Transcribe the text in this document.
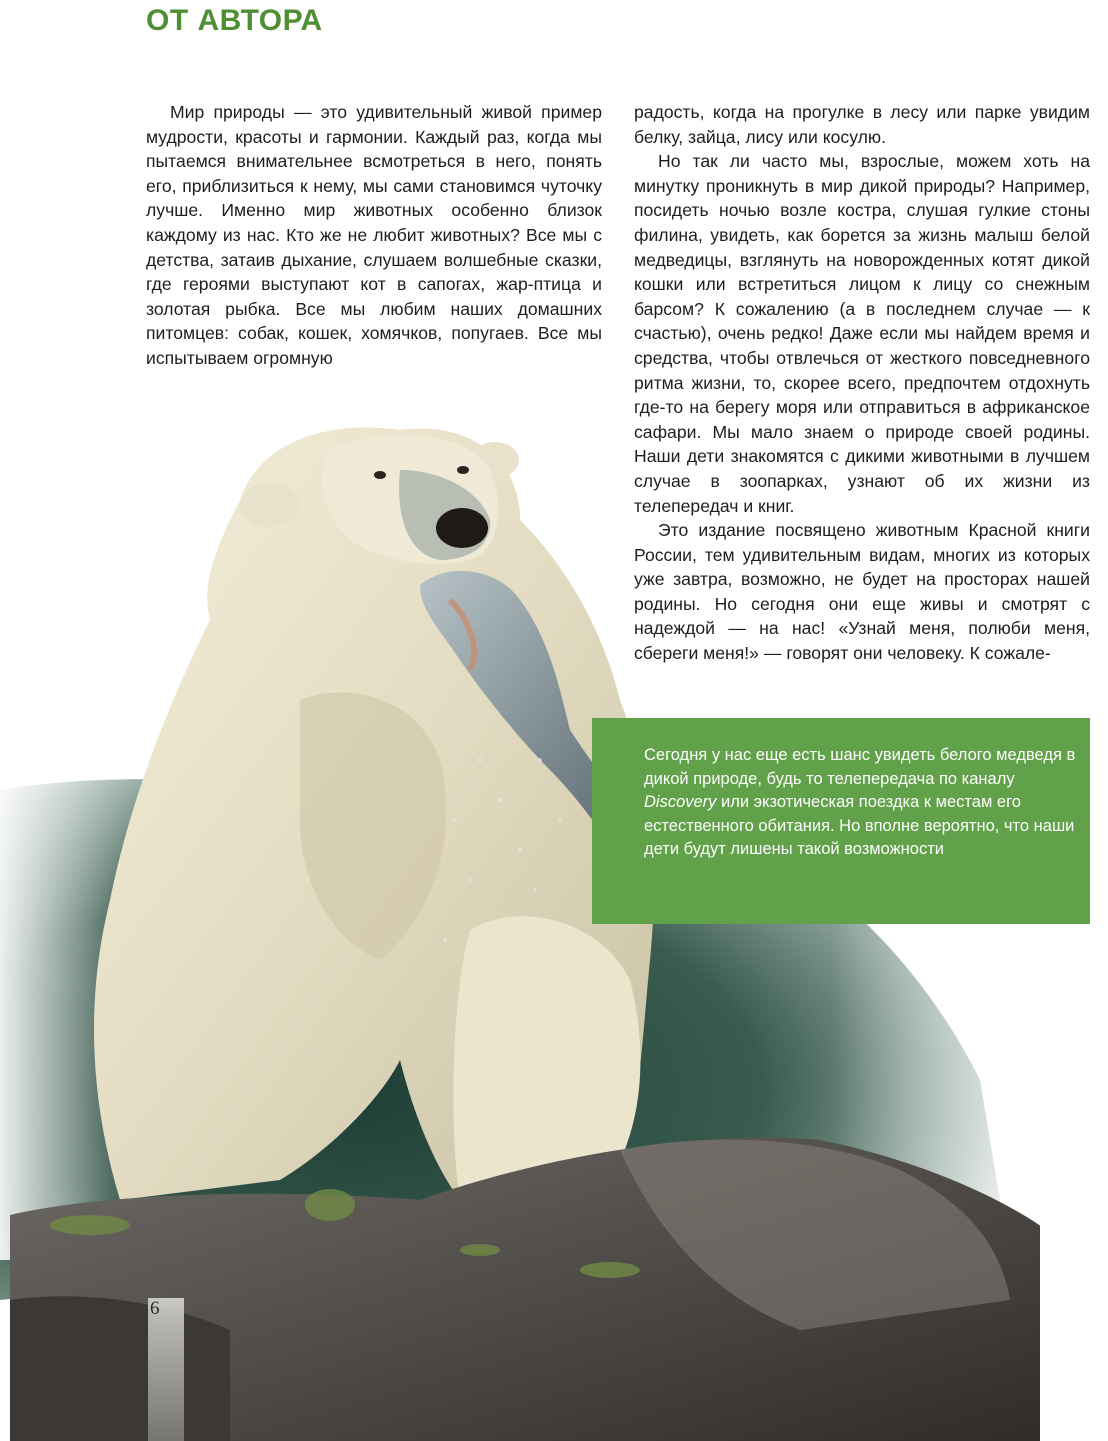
ОТ АВТОРА

Мир природы — это удивительный живой пример мудрости, красоты и гармонии. Каждый раз, когда мы пытаемся внимательнее всмотреться в него, понять его, приблизиться к нему, мы сами становимся чуточку лучше. Именно мир животных особенно близок каждому из нас. Кто же не любит животных? Все мы с детства, затаив дыхание, слушаем волшебные сказки, где героями выступают кот в сапогах, жар-птица и золотая рыбка. Все мы любим наших домашних питомцев: собак, кошек, хомячков, попугаев. Все мы испытываем огромную

радость, когда на прогулке в лесу или парке увидим белку, зайца, лису или косулю.

Но так ли часто мы, взрослые, можем хоть на минутку проникнуть в мир дикой природы? Например, посидеть ночью возле костра, слушая гулкие стоны филина, увидеть, как борется за жизнь малыш белой медведицы, взглянуть на новорожденных котят дикой кошки или встретиться лицом к лицу со снежным барсом? К сожалению (а в последнем случае — к счастью), очень редко! Даже если мы найдем время и средства, чтобы отвлечься от жесткого повседневного ритма жизни, то, скорее всего, предпочтем отдохнуть где-то на берегу моря или отправиться в африканское сафари. Мы мало знаем о природе своей родины. Наши дети знакомятся с дикими животными в лучшем случае в зоопарках, узнают об их жизни из телепередач и книг.

Это издание посвящено животным Красной книги России, тем удивительным видам, многих из которых уже завтра, возможно, не будет на просторах нашей родины. Но сегодня они еще живы и смотрят с надеждой — на нас! «Узнай меня, полюби меня, сбереги меня!» — говорят они человеку. К сожале-

6

Сегодня у нас еще есть шанс увидеть белого медведя в дикой природе, будь то телепередача по каналу Discovery или экзотическая поездка к местам его естественного обитания. Но вполне вероятно, что наши дети будут лишены такой возможности
